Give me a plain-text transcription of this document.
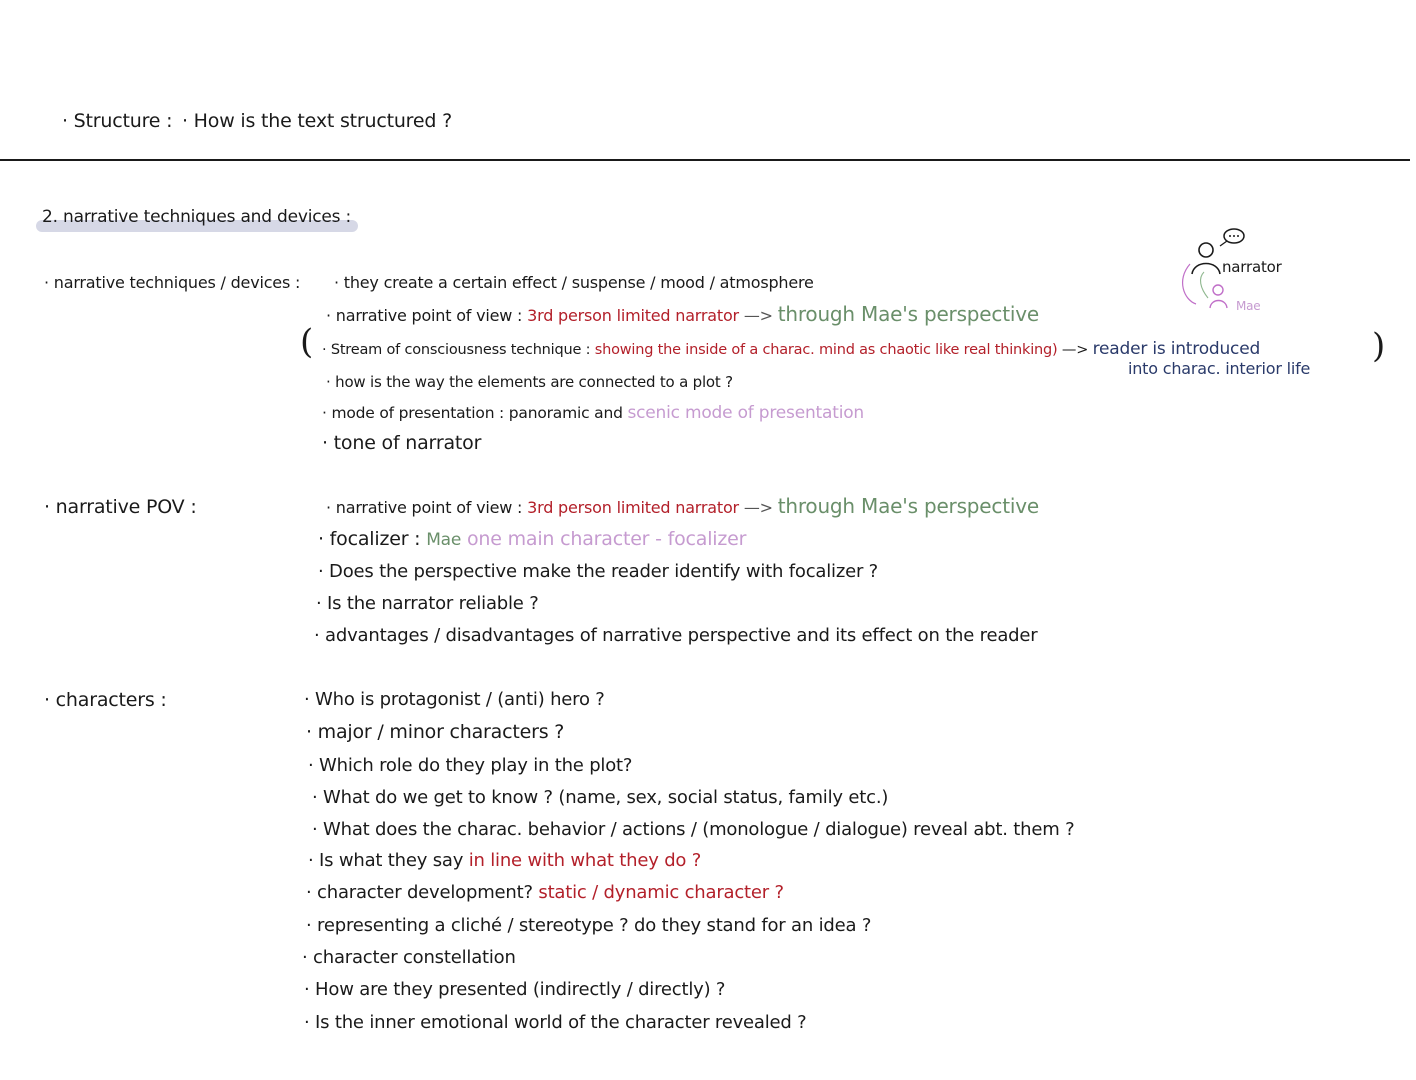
· Structure : · How is the text structured ?
2. narrative techniques and devices :
· narrative techniques / devices : · they create a certain effect / suspense / mood / atmosphere
· narrative point of view : 3rd person limited narrator —> through Mae's perspective
( · Stream of consciousness technique : showing the inside of a charac. mind as chaotic like real thinking) —> reader is introduced
into charac. interior life
)
· how is the way the elements are connected to a plot ?
· mode of presentation : panoramic and scenic mode of presentation
· tone of narrator
narrator
Mae
· narrative POV :	· narrative point of view : 3rd person limited narrator —> through Mae's perspective
· focalizer : Mae one main character - focalizer
· Does the perspective make the reader identify with focalizer ?
· Is the narrator reliable ?
· advantages / disadvantages of narrative perspective and its effect on the reader
· characters :	· Who is protagonist / (anti) hero ?
· major / minor characters ?
· Which role do they play in the plot?
· What do we get to know ? (name, sex, social status, family etc.)
· What does the charac. behavior / actions / (monologue / dialogue) reveal abt. them ?
· Is what they say in line with what they do ?
· character development? static / dynamic character ?
· representing a cliché / stereotype ? do they stand for an idea ?
· character constellation
· How are they presented (indirectly / directly) ?
· Is the inner emotional world of the character revealed ?
